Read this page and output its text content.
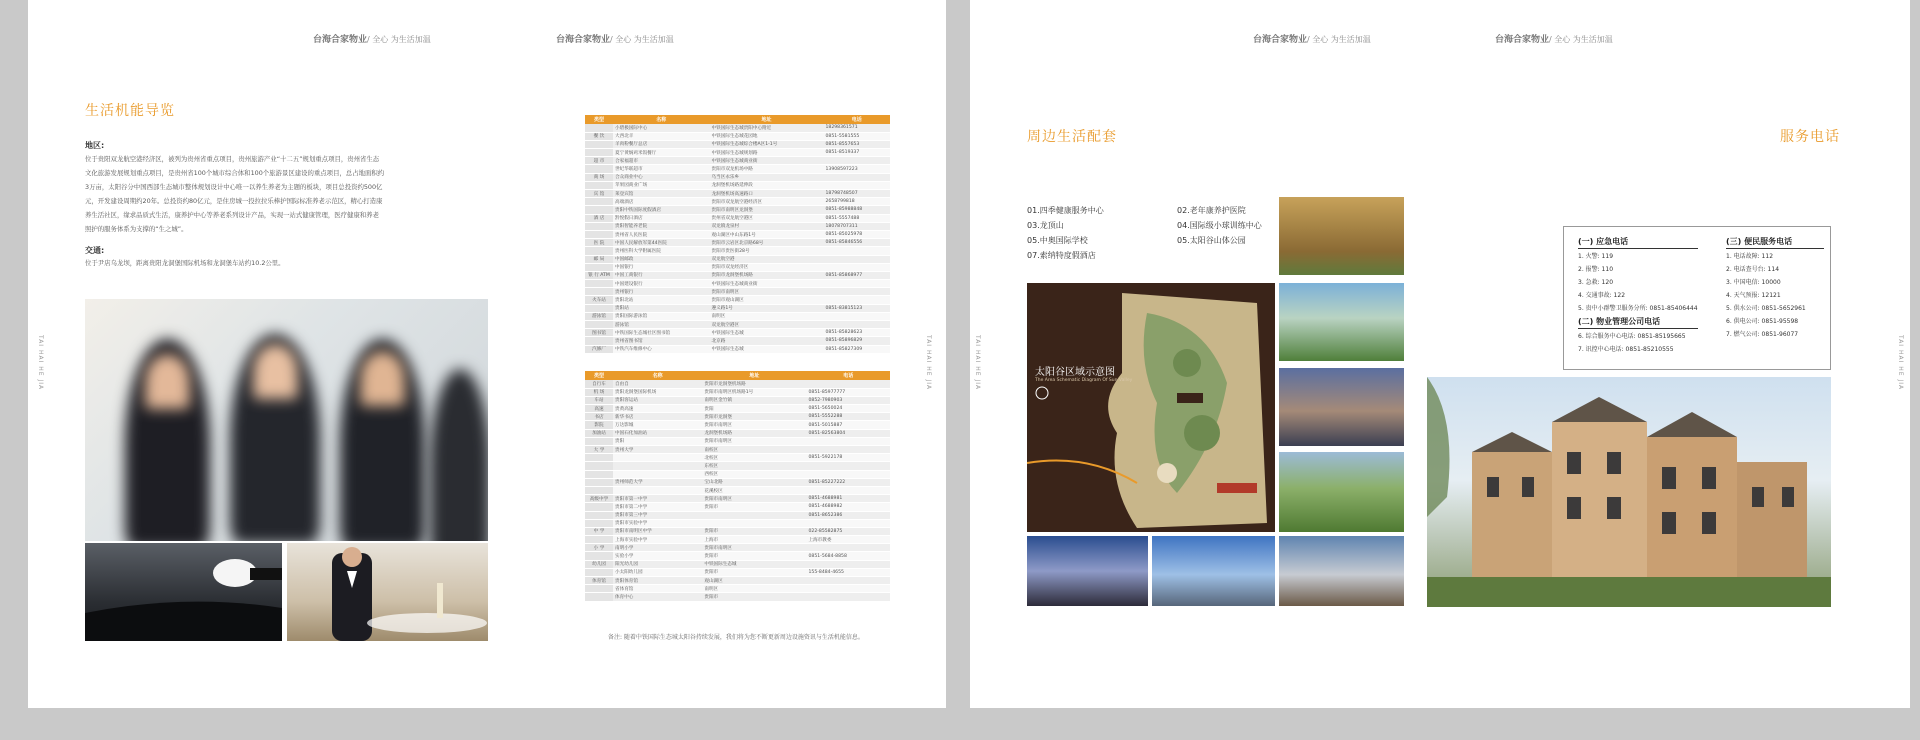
台海合家物业/ 全心 为生活加温	台海合家物业/ 全心 为生活加温
TAI HAI HE JIA	TAI HAI HE JIA
生活机能导览
地区:
位于贵阳双龙航空港经济区，被列为贵州省重点项目，贵州旅游产业“十二五”规划重点项目，贵州省生态文化旅游发展规划重点项目，是贵州省100个城市综合体和100个旅游景区建设的重点项目，总占地面积约3万亩，太阳谷分中国西部生态城市整体规划设计中心唯一以养生养老为主题的板块，项目总投资约500亿元，开发建设周期约20年。总投资约80亿元，是住房城一投拉拉乐棒护国际标准养老示范区，精心打造康养生活社区，缘求品质式生活，康养护中心等养老系列设计产品，实现一站式健康管理，医疗健康和养老照护的服务体系为支撑的“生之城”。
交通:
位于尹店乌龙坝，距离贵阳龙洞堡国际机场和龙洞堡车站约10.2公里。
类型	名称	地址	电话
	小碧极国际中心	中铁国际生态城贵阳中心附近	18298361571
餐 饮	大西北羊	中铁国际生态城花园地	0851-5581555
	羊肉粉餐厅总店	中铁国际生态城综合楼A区1-1号	0851-8557653
	夏宁黄焖鸡米饭餐厅	中铁国际生态城规划路	0851-8519337
超 市	合家福超市	中铁国际生态城商业街	
	世纪华联超市	贵阳市双龙机场中路	13908597223
商 场	合众商业中心	乌当区永乐乡	
	苹果园商业广场	龙洞堡机场路延伸段	
宾 馆	莱登宾馆	龙洞堡机场高速路口	18798748507
	高端酒店	贵阳市双龙航空港经济区	2658799818
	贵阳中铁国际度假酒店	贵阳市南明区龙洞堡	0851-85988848
酒 店	黔悦假日酒店	贵州省双龙航空港区	0851-5557488
	贵阳智能养老院	双龙镇龙泉村	18078707311
	贵州省人民医院	观山湖区中山东路1号	0851-85025978
医 院	中国人民解放军第44医院	贵阳市云岩区北京路68号	0851-85846556
	贵州医科大学附属医院	贵阳市贵医街28号	
邮 局	中国邮政	双龙航空港	
	中国银行	贵阳市双龙经济区	
银 行 ATM	中国工商银行	贵阳市龙洞堡机场路	0851-85868977
	中国建设银行	中铁国际生态城商业街	
	贵州银行	贵阳市南明区	
火车站	贵阳北站	贵阳市观山湖区	
	贵阳站	遵义路1号	0851-83815123
游泳馆	贵阳国际游泳馆	南明区	
	游泳馆	双龙航空港区	
图书馆	中铁国际生态城社区图书馆	中铁国际生态城	0851-85828623
	贵州省图书馆	北京路	0851-85896829
汽修厂	中铁汽车维修中心	中铁国际生态城	0851-85827309
类型	名称	地址	电话
自行车	自由自	贵阳市龙洞堡机场路	
机 场	贵阳龙洞堡国际机场	贵阳市南明区机场路1号	0851-85977777
车站	贵阳客运站	南明区金竹镇	0852-7980903
高速	贵黄高速	贵阳	0851-5650024
书店	新华书店	贵阳市龙洞堡	0851-5552288
影院	万达影城	贵阳市南明区	0851-5015887
加油站	中国石化加油站	龙洞堡机场路	0851-82563804
	贵阳	贵阳市南明区	
大 学	贵州大学	南校区	
		北校区	0851-5922178
		东校区	
		西校区	
	贵州师范大学	宝山北路	0851-85227222
		花溪校区	
高级中学	贵阳市第一中学	贵阳市南明区	0851-4688981
	贵阳市第二中学	贵阳市	0851-4688982
	贵阳市第三中学		0851-8652386
	贵阳市实验中学		
中 学	贵阳市南明区中学	贵阳市	022-85582875
	上海市实验中学	上海市	上海市教委
小 学	南明小学	贵阳市南明区	
	实验小学	贵阳市	0851-5684-8858
幼儿园	阳光幼儿园	中铁国际生态城	
	小太阳幼儿园	贵阳市	155-8484-4655
体育馆	贵阳体育馆	观山湖区	
	省体育馆	南明区	
	体育中心	贵阳市	
备注: 随着中铁国际生态城太阳谷持续发展，我们将为您不断更新周边设施资讯与生活机能信息。
台海合家物业/ 全心 为生活加温	台海合家物业/ 全心 为生活加温
TAI HAI HE JIA	TAI HAI HE JIA
周边生活配套	服务电话
01.四季健康服务中心	02.老年康养护医院
03.龙顶山	04.国际级小球训练中心
05.中奥国际学校	05.太阳谷山体公园
07.索纳特度假酒店
太阳谷区域示意图
The Area Schematic Diagram Of Sun Valley
(一) 应急电话
1. 火警: 119
2. 报警: 110
3. 急救: 120
4. 交通事故: 122
5. 贵中小群警卫服务分所: 0851-85406444
(二) 物业管理公司电话
6. 综合服务中心电话: 0851-85195665
7. 讯控中心电话: 0851-85210555
(三) 便民服务电话
1. 电话故障: 112
2. 电话查号台: 114
3. 中国电信: 10000
4. 天气预报: 12121
5. 供水公司: 0851-5652961
6. 供电公司: 0851-95598
7. 燃气公司: 0851-96077
